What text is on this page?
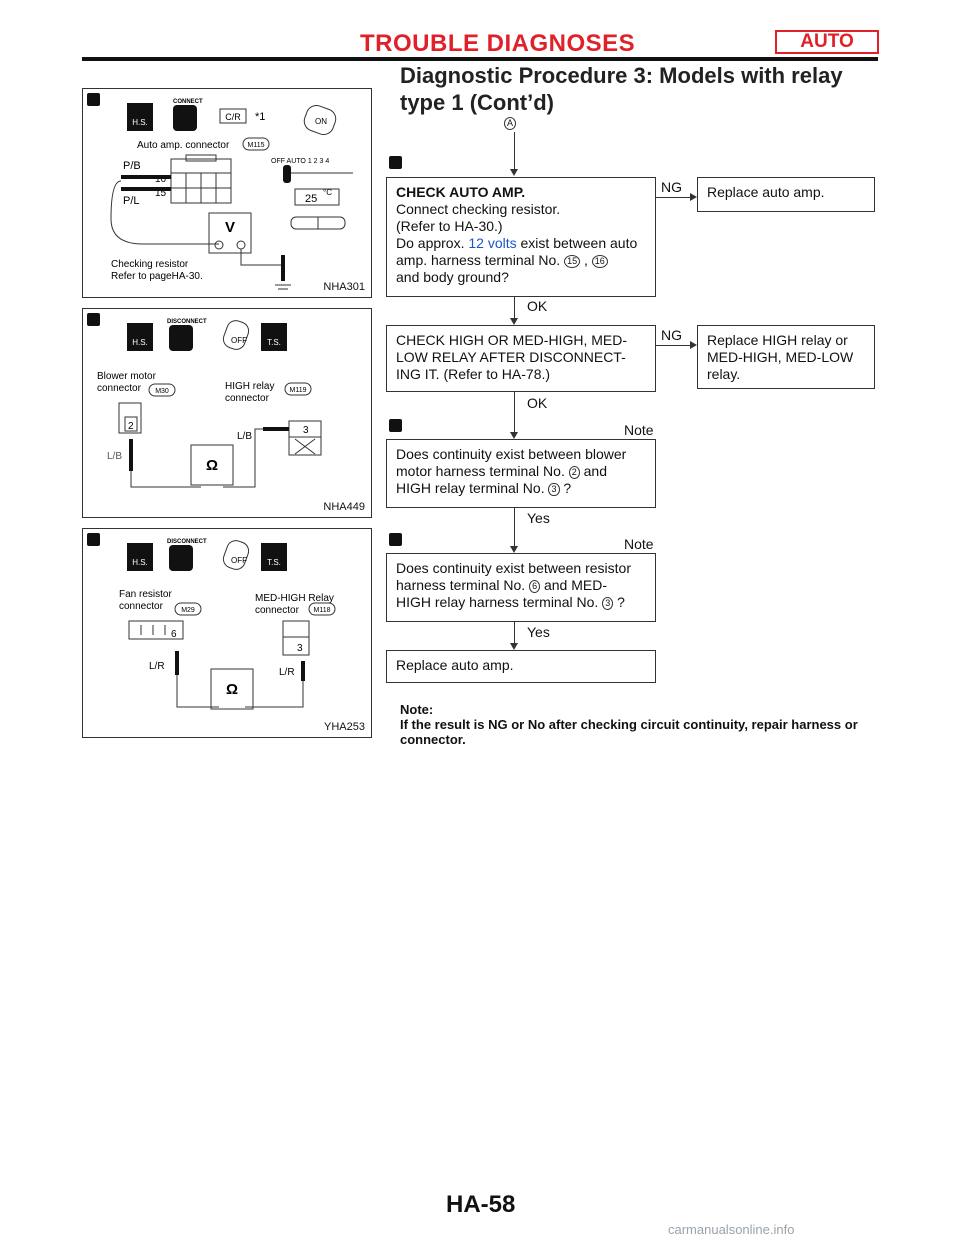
TROUBLE DIAGNOSES	AUTO
Diagnostic Procedure 3: Models with relay
type 1 (Cont’d)
H.S.
CONNECT
C/R *1	ON
Auto amp. connector	M115
P/B
P/L
16
15
OFF AUTO 1 2 3 4
25
°C
V
Checking resistor
Refer to pageHA-30.
NHA301
H.S.
DISCONNECT
OFF	T.S.
Blower motor
connector M30	HIGH relay
connector
M119
2
L/B
3
L/B
Ω
NHA449
H.S.
DISCONNECT
OFF	T.S.
Fan resistor
connector	M29
MED-HIGH Relay
connector M118
6
3
L/R
L/R
Ω
YHA253
A
CHECK AUTO AMP.
Connect checking resistor.
(Refer to HA-30.)
Do approx. 12 volts exist between auto
amp. harness terminal No. 15 , 16
and body ground?
NG	Replace auto amp.
OK
CHECK HIGH OR MED-HIGH, MED-
LOW RELAY AFTER DISCONNECT-
ING IT. (Refer to HA-78.)
NG Replace HIGH relay or
MED-HIGH, MED-LOW
relay.
OK
Note
Does continuity exist between blower
motor harness terminal No. 2 and
HIGH relay terminal No. 3 ?
Yes
Note
Does continuity exist between resistor
harness terminal No. 6 and MED-
HIGH relay harness terminal No. 3 ?
Yes
Replace auto amp.
Note:
If the result is NG or No after checking circuit continuity, repair harness or connector.
HA-58
carmanualsonline.info
